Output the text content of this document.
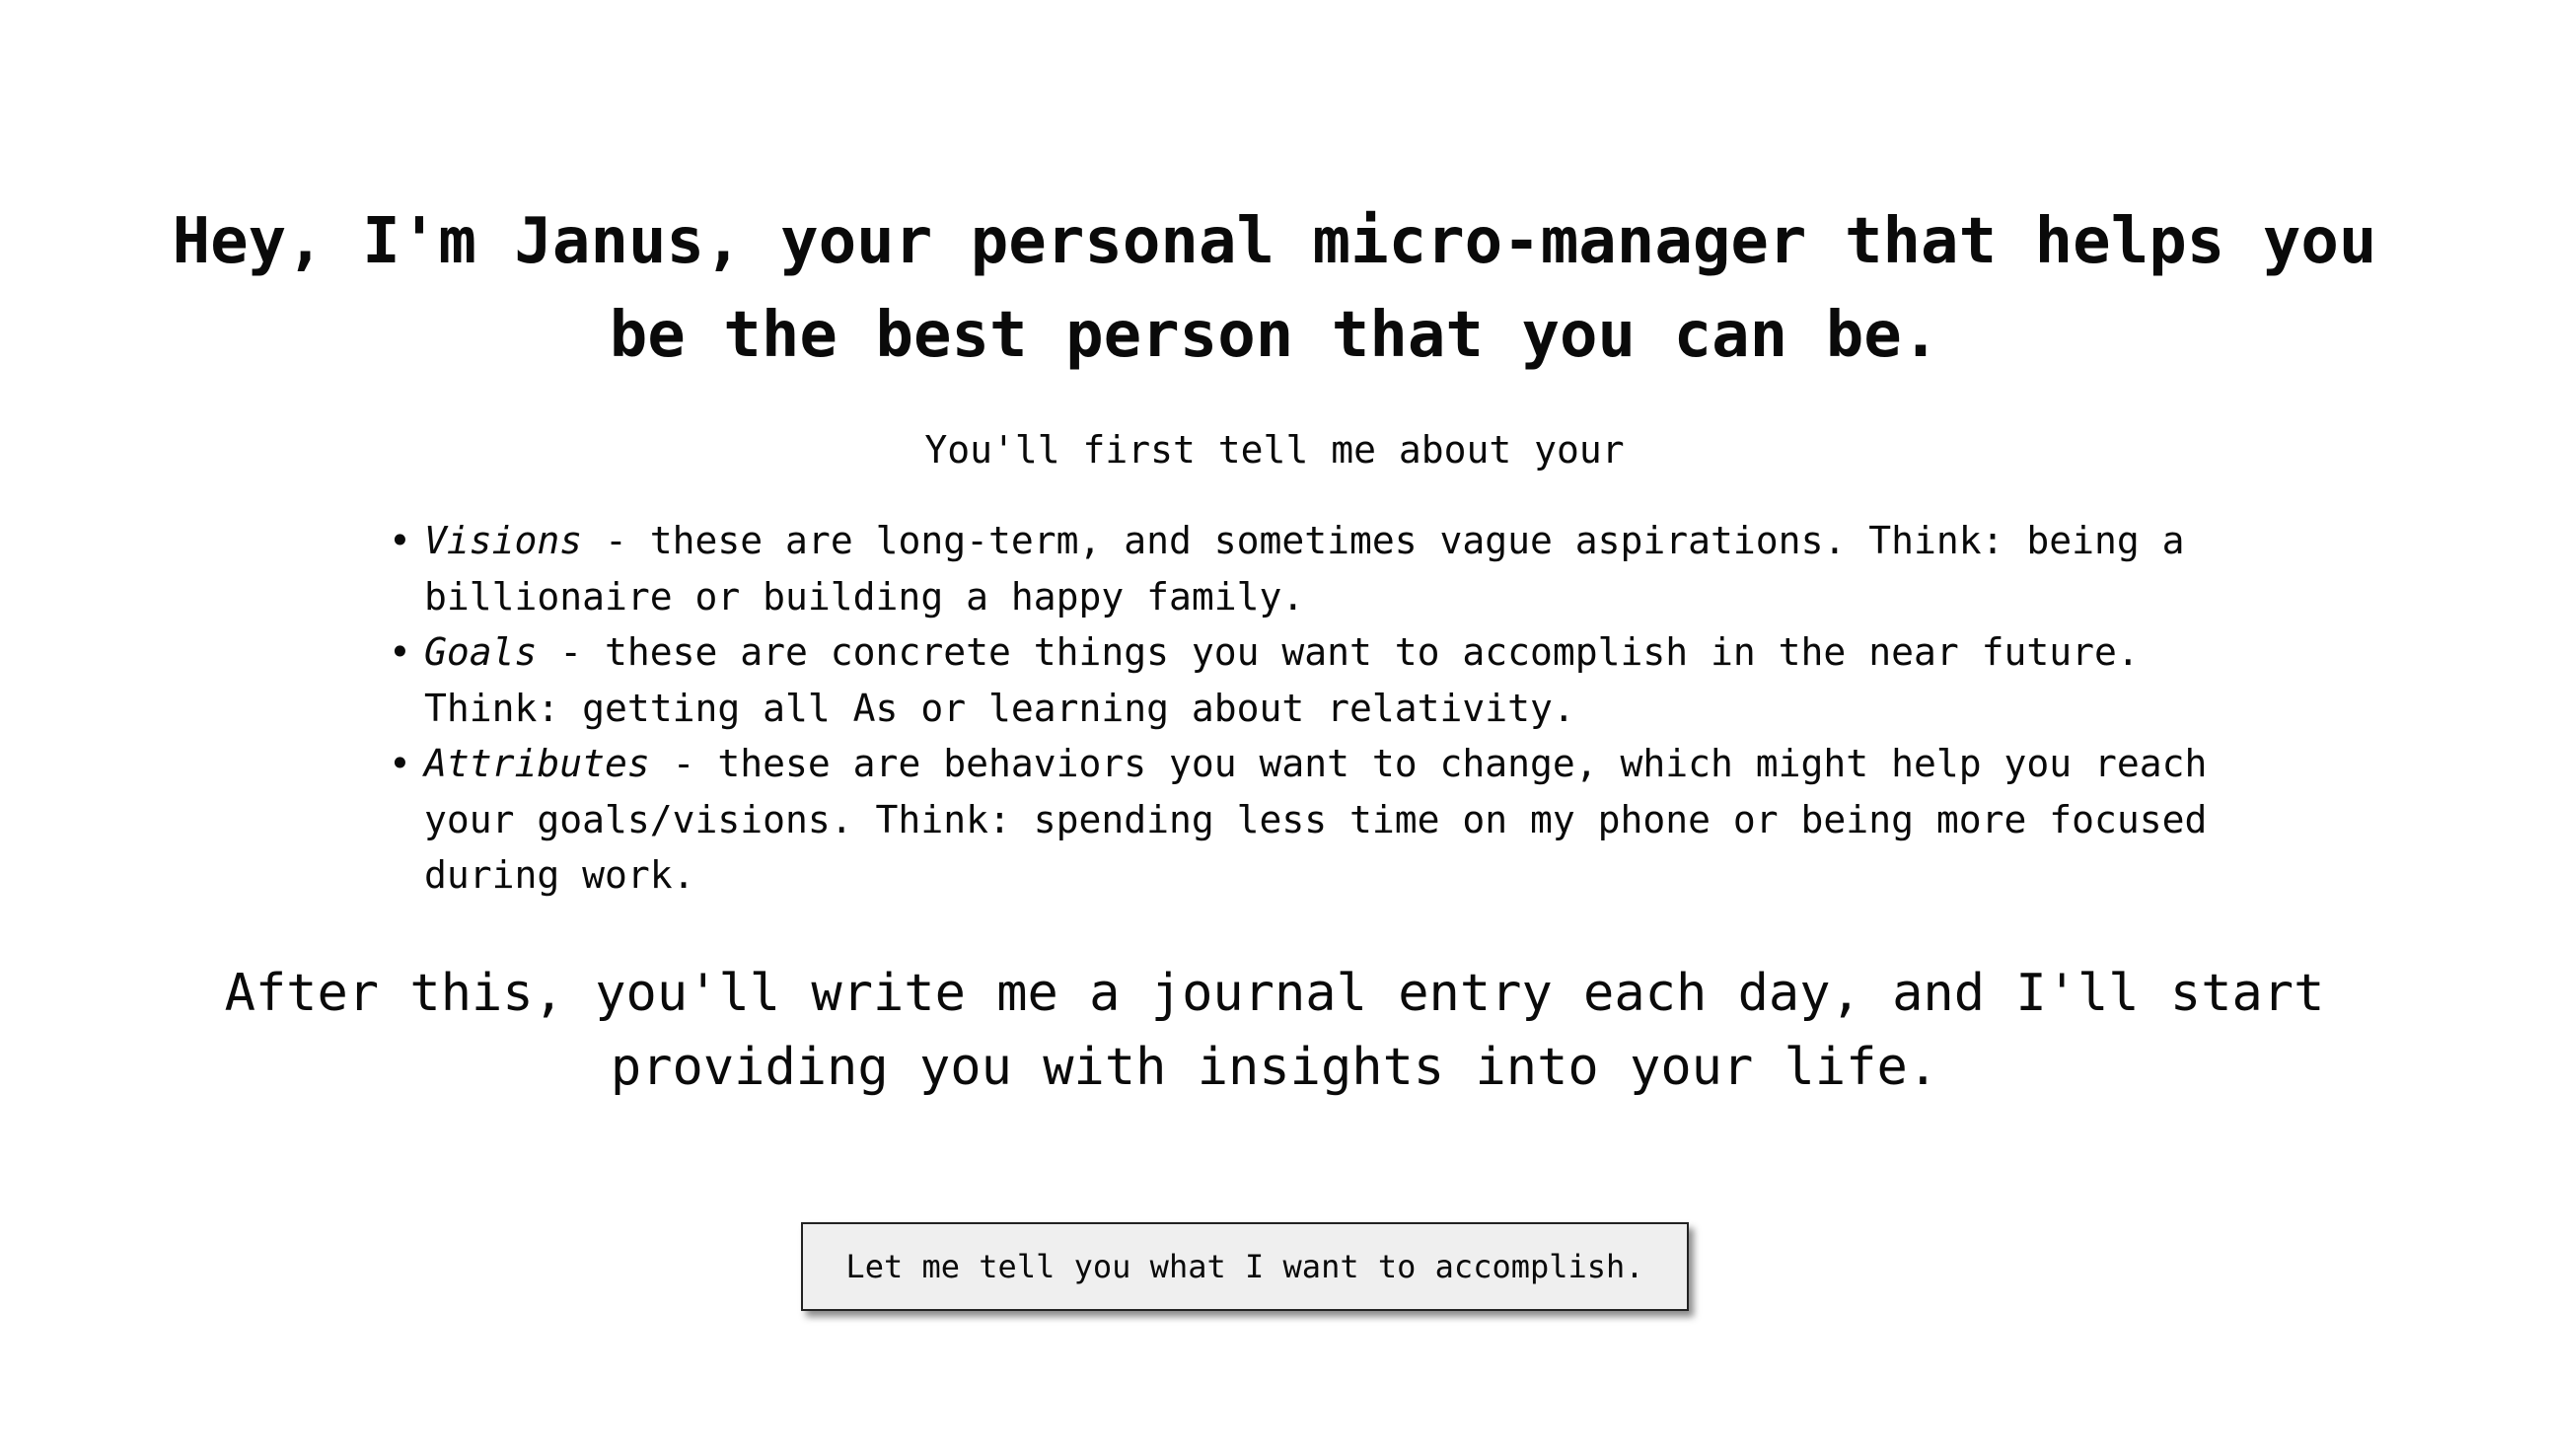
Hey, I'm Janus, your personal micro-manager that helps you
be the best person that you can be.

You'll first tell me about your

• Visions - these are long-term, and sometimes vague aspirations. Think: being a
billionaire or building a happy family.
• Goals - these are concrete things you want to accomplish in the near future.
Think: getting all As or learning about relativity.
• Attributes - these are behaviors you want to change, which might help you reach
your goals/visions. Think: spending less time on my phone or being more focused
during work.

After this, you'll write me a journal entry each day, and I'll start
providing you with insights into your life.

Let me tell you what I want to accomplish.
